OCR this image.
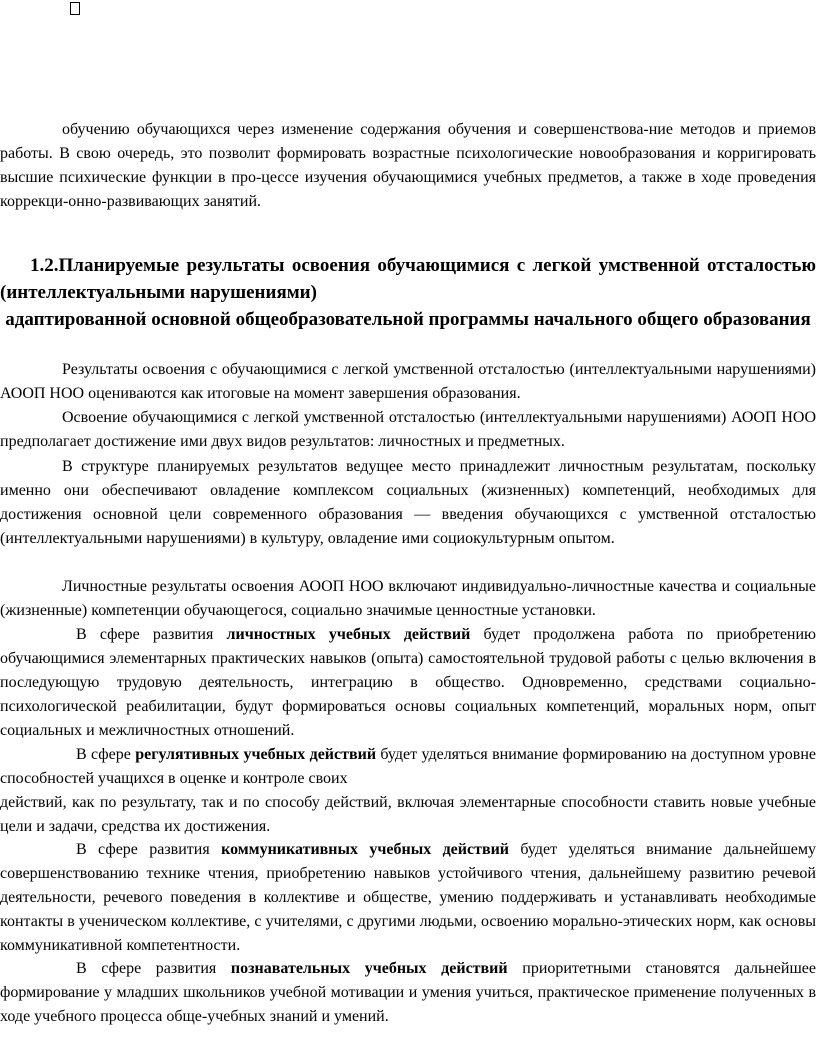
обучению обучающихся через изменение содержания обучения и совершенствова-ние методов и приемов работы. В свою очередь, это позволит формировать возрастные психологические новообразования и корригировать высшие психические функции в про-цессе изучения обучающимися учебных предметов, а также в ходе проведения коррекци-онно-развивающих занятий.

1.2.Планируемые результаты освоения обучающимися с легкой умственной отсталостью (интеллектуальными нарушениями)

адаптированной основной общеобразовательной программы начального общего образования

Результаты освоения с обучающимися с легкой умственной отсталостью (интеллектуальными нарушениями) АООП НОО оцениваются как итоговые на момент завершения образования.

Освоение обучающимися с легкой умственной отсталостью (интеллектуальными нарушениями) АООП НОО предполагает достижение ими двух видов результатов: личностных и предметных.

В структуре планируемых результатов ведущее место принадлежит личностным результатам, поскольку именно они обеспечивают овладение комплексом социальных (жизненных) компетенций, необходимых для достижения основной цели современного образования — введения обучающихся с умственной отсталостью (интеллектуальными нарушениями) в культуру, овладение ими социокультурным опытом.

Личностные результаты освоения АООП НОО включают индивидуально-личностные качества и социальные (жизненные) компетенции обучающегося, социально значимые ценностные установки.

В сфере развития личностных учебных действий будет продолжена работа по приобретению обучающимися элементарных практических навыков (опыта) самостоятельной трудовой работы с целью включения в последующую трудовую деятельность, интеграцию в общество. Одновременно, средствами социально-психологической реабилитации, будут формироваться основы социальных компетенций, моральных норм, опыт социальных и межличностных отношений.

В сфере регулятивных учебных действий будет уделяться внимание формированию на доступном уровне способностей учащихся в оценке и контроле своих

действий, как по результату, так и по способу действий, включая элементарные способности ставить новые учебные цели и задачи, средства их достижения.

В сфере развития коммуникативных учебных действий будет уделяться внимание дальнейшему совершенствованию технике чтения, приобретению навыков устойчивого чтения, дальнейшему развитию речевой деятельности, речевого поведения в коллективе и обществе, умению поддерживать и устанавливать необходимые контакты в ученическом коллективе, с учителями, с другими людьми, освоению морально-этических норм, как основы коммуникативной компетентности.

В сфере развития познавательных учебных действий приоритетными становятся дальнейшее формирование у младших школьников учебной мотивации и умения учиться, практическое применение полученных в ходе учебного процесса обще-учебных знаний и умений.
